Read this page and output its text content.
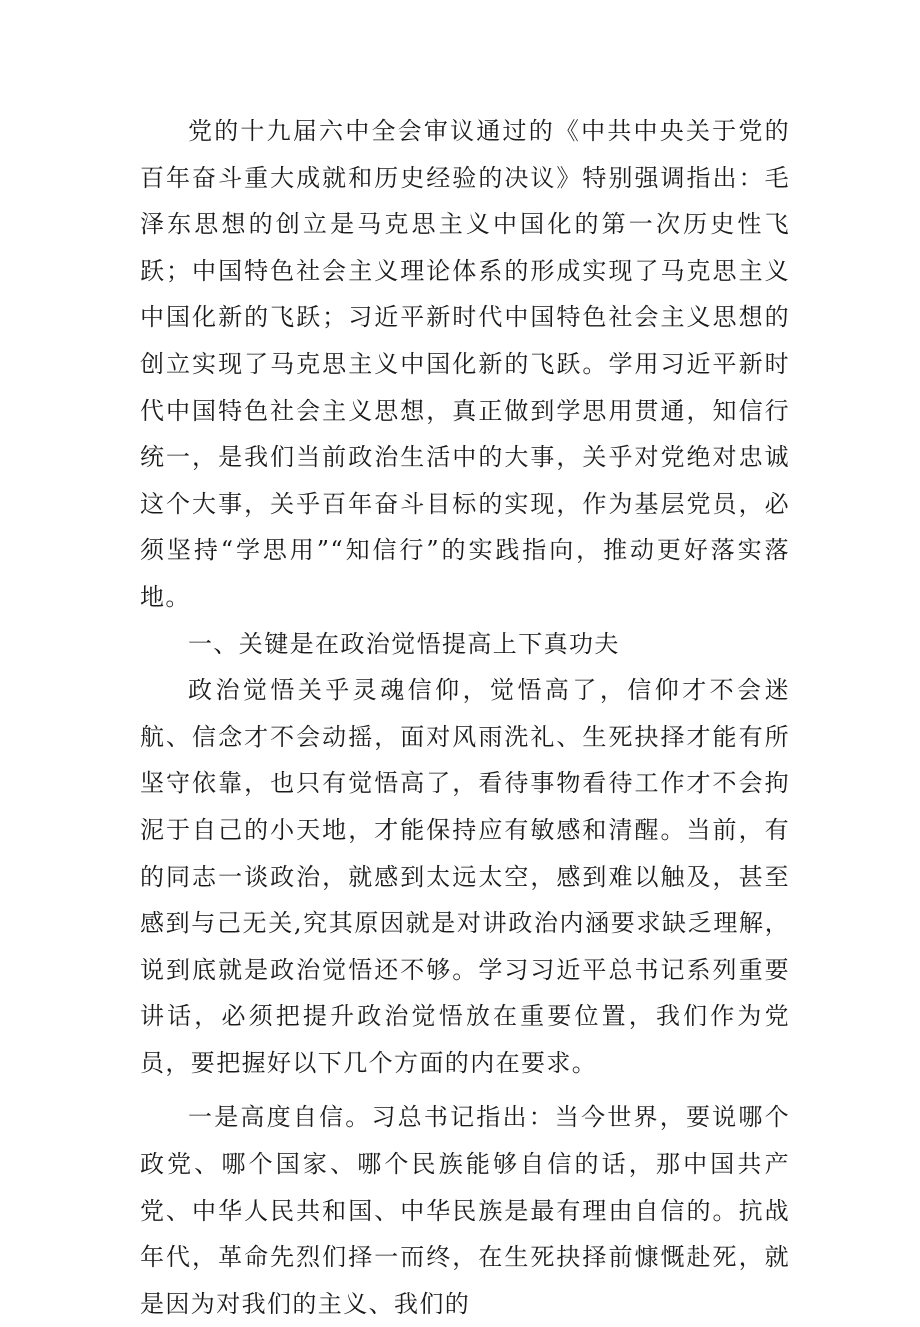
党的十九届六中全会审议通过的《中共中央关于党的百年奋斗重大成就和历史经验的决议》特别强调指出：毛泽东思想的创立是马克思主义中国化的第一次历史性飞跃；中国特色社会主义理论体系的形成实现了马克思主义中国化新的飞跃；习近平新时代中国特色社会主义思想的创立实现了马克思主义中国化新的飞跃。学用习近平新时代中国特色社会主义思想，真正做到学思用贯通，知信行统一，是我们当前政治生活中的大事，关乎对党绝对忠诚这个大事，关乎百年奋斗目标的实现，作为基层党员，必须坚持“学思用”“知信行”的实践指向，推动更好落实落地。

一、关键是在政治觉悟提高上下真功夫

政治觉悟关乎灵魂信仰，觉悟高了，信仰才不会迷航、信念才不会动摇，面对风雨洗礼、生死抉择才能有所坚守依靠，也只有觉悟高了，看待事物看待工作才不会拘泥于自己的小天地，才能保持应有敏感和清醒。当前，有的同志一谈政治，就感到太远太空，感到难以触及，甚至感到与己无关,究其原因就是对讲政治内涵要求缺乏理解，说到底就是政治觉悟还不够。学习习近平总书记系列重要讲话，必须把提升政治觉悟放在重要位置，我们作为党员，要把握好以下几个方面的内在要求。

一是高度自信。习总书记指出：当今世界，要说哪个政党、哪个国家、哪个民族能够自信的话，那中国共产党、中华人民共和国、中华民族是最有理由自信的。抗战年代，革命先烈们择一而终，在生死抉择前慷慨赴死，就是因为对我们的主义、我们的
